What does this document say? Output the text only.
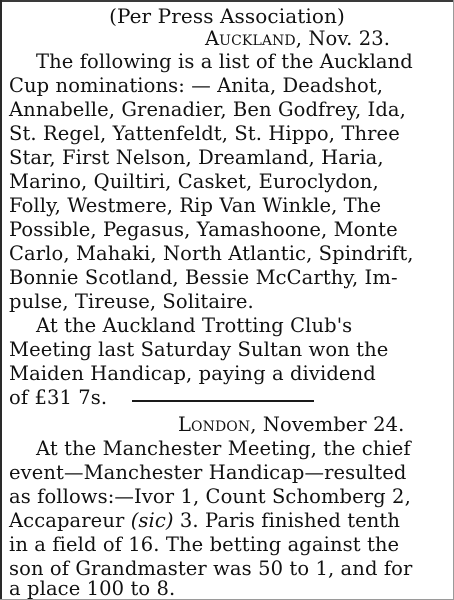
(Per Press Association)
Auckland, Nov. 23.
The following is a list of the Auckland
Cup nominations: — Anita, Deadshot,
Annabelle, Grenadier, Ben Godfrey, Ida,
St. Regel, Yattenfeldt, St. Hippo, Three
Star, First Nelson, Dreamland, Haria,
Marino, Quiltiri, Casket, Euroclydon,
Folly, Westmere, Rip Van Winkle, The
Possible, Pegasus, Yamashoone, Monte
Carlo, Mahaki, North Atlantic, Spindrift,
Bonnie Scotland, Bessie McCarthy, Im-
pulse, Tireuse, Solitaire.
At the Auckland Trotting Club's
Meeting last Saturday Sultan won the
Maiden Handicap, paying a dividend
of £31 7s.
London, November 24.
At the Manchester Meeting, the chief
event—Manchester Handicap—resulted
as follows:—Ivor 1, Count Schomberg 2,
Accapareur (sic) 3. Paris finished tenth
in a field of 16. The betting against the
son of Grandmaster was 50 to 1, and for
a place 100 to 8.
